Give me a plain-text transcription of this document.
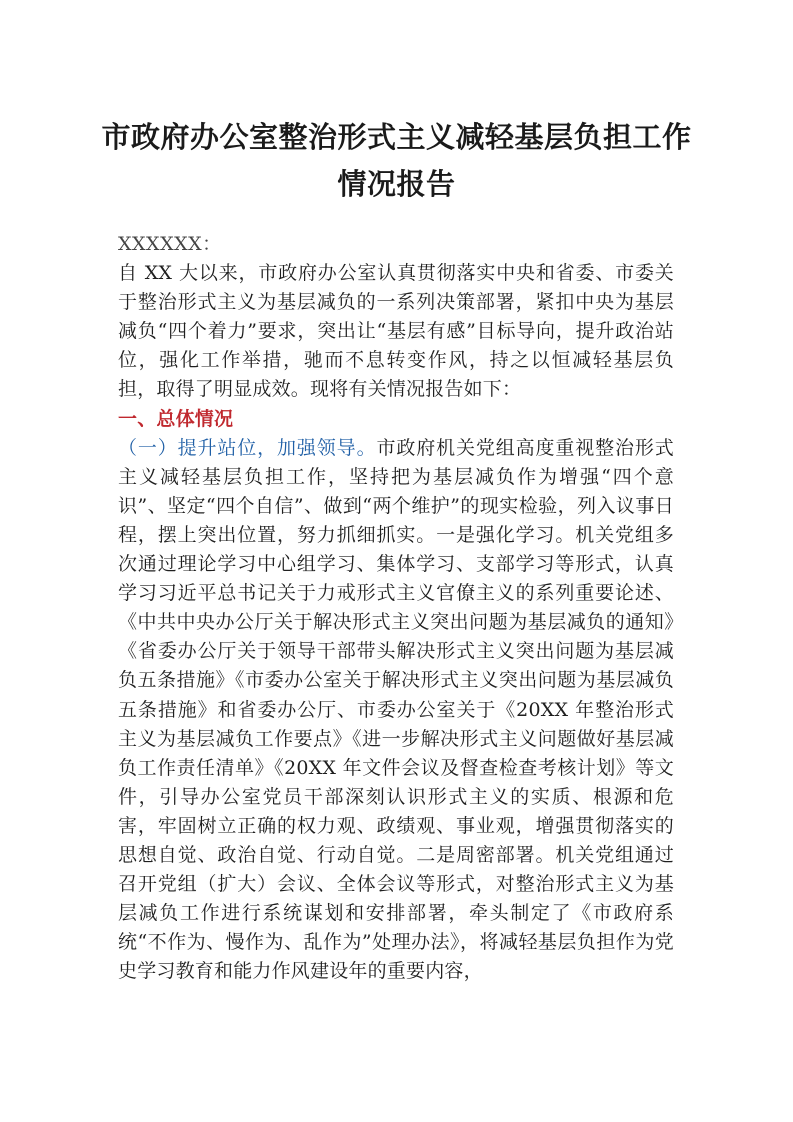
市政府办公室整治形式主义减轻基层负担工作情况报告

XXXXXX：

自 XX 大以来，市政府办公室认真贯彻落实中央和省委、市委关于整治形式主义为基层减负的一系列决策部署，紧扣中央为基层减负“四个着力”要求，突出让“基层有感”目标导向，提升政治站位，强化工作举措，驰而不息转变作风，持之以恒减轻基层负担，取得了明显成效。现将有关情况报告如下：

一、总体情况

（一）提升站位，加强领导。市政府机关党组高度重视整治形式主义减轻基层负担工作，坚持把为基层减负作为增强“四个意识”、坚定“四个自信”、做到“两个维护”的现实检验，列入议事日程，摆上突出位置，努力抓细抓实。一是强化学习。机关党组多次通过理论学习中心组学习、集体学习、支部学习等形式，认真学习习近平总书记关于力戒形式主义官僚主义的系列重要论述、《中共中央办公厅关于解决形式主义突出问题为基层减负的通知》《省委办公厅关于领导干部带头解决形式主义突出问题为基层减负五条措施》《市委办公室关于解决形式主义突出问题为基层减负五条措施》和省委办公厅、市委办公室关于《20XX 年整治形式主义为基层减负工作要点》《进一步解决形式主义问题做好基层减负工作责任清单》《20XX 年文件会议及督查检查考核计划》等文件，引导办公室党员干部深刻认识形式主义的实质、根源和危害，牢固树立正确的权力观、政绩观、事业观，增强贯彻落实的思想自觉、政治自觉、行动自觉。二是周密部署。机关党组通过召开党组（扩大）会议、全体会议等形式，对整治形式主义为基层减负工作进行系统谋划和安排部署，牵头制定了《市政府系统“不作为、慢作为、乱作为”处理办法》，将减轻基层负担作为党史学习教育和能力作风建设年的重要内容，
